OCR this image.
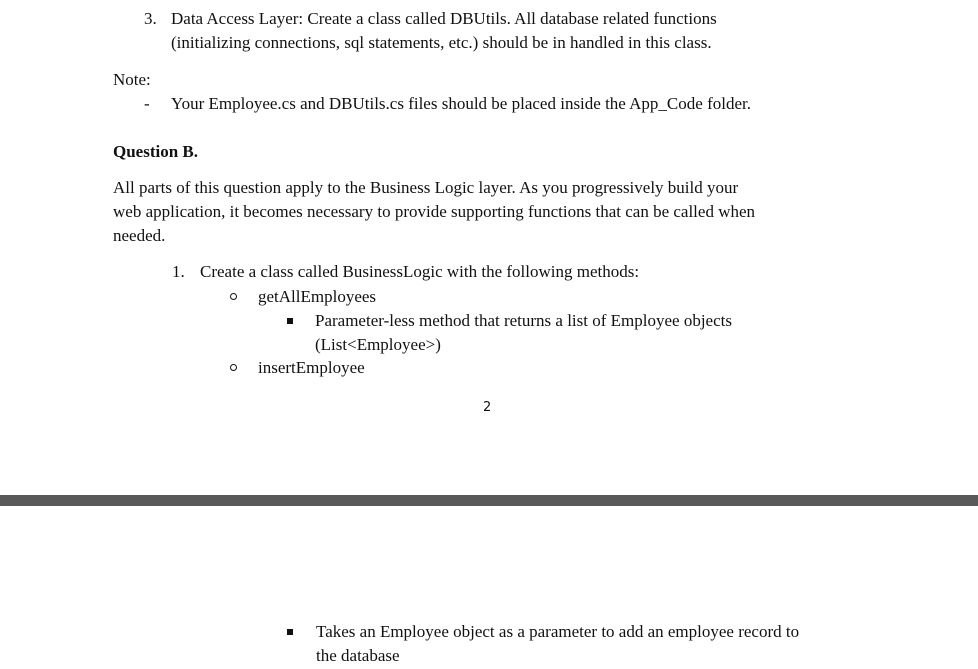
3. Data Access Layer: Create a class called DBUtils. All database related functions
(initializing connections, sql statements, etc.) should be in handled in this class.
Note:
- Your Employee.cs and DBUtils.cs files should be placed inside the App_Code folder.
Question B.
All parts of this question apply to the Business Logic layer. As you progressively build your
web application, it becomes necessary to provide supporting functions that can be called when
needed.
1. Create a class called BusinessLogic with the following methods:
getAllEmployees
Parameter-less method that returns a list of Employee objects
(List<Employee>)
insertEmployee
2
Takes an Employee object as a parameter to add an employee record to
the database
